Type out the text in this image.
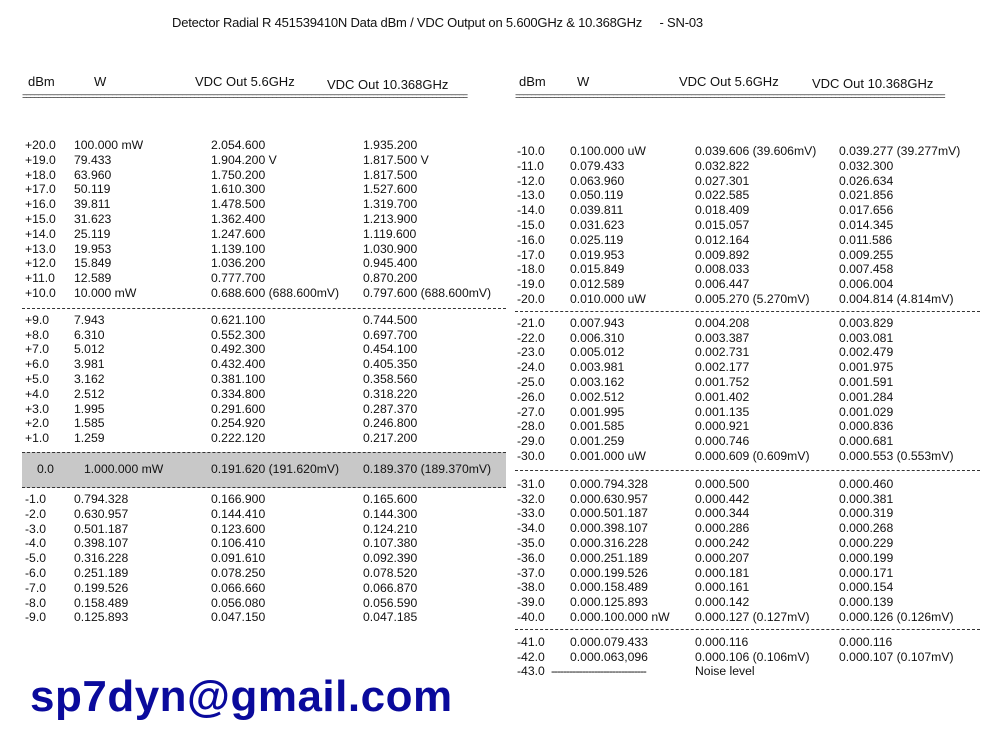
Detector Radial R 451539410N Data dBm / VDC Output on 5.600GHz & 10.368GHz - SN-03
dBm	W	VDC Out 5.6GHz VDC Out 10.368GHz
==================================================================================================================
+20.0 100.000 mW	2.054.600	1.935.200
+19.0 79.433	1.904.200 V	1.817.500 V
+18.0 63.960	1.750.200	1.817.500
+17.0 50.119	1.610.300	1.527.600
+16.0 39.811	1.478.500	1.319.700
+15.0 31.623	1.362.400	1.213.900
+14.0 25.119	1.247.600	1.119.600
+13.0 19.953	1.139.100	1.030.900
+12.0 15.849	1.036.200	0.945.400
+11.0 12.589	0.777.700	0.870.200
+10.0 10.000 mW	0.688.600 (688.600mV) 0.797.600 (688.600mV)
+9.0 7.943	0.621.100	0.744.500
+8.0 6.310	0.552.300	0.697.700
+7.0 5.012	0.492.300	0.454.100
+6.0 3.981	0.432.400	0.405.350
+5.0 3.162	0.381.100	0.358.560
+4.0 2.512	0.334.800	0.318.220
+3.0 1.995	0.291.600	0.287.370
+2.0 1.585	0.254.920	0.246.800
+1.0 1.259	0.222.120	0.217.200
0.0 1.000.000 mW	0.191.620 (191.620mV) 0.189.370 (189.370mV)
-1.0 0.794.328	0.166.900	0.165.600
-2.0 0.630.957	0.144.410	0.144.300
-3.0 0.501.187	0.123.600	0.124.210
-4.0 0.398.107	0.106.410	0.107.380
-5.0 0.316.228	0.091.610	0.092.390
-6.0 0.251.189	0.078.250	0.078.520
-7.0 0.199.526	0.066.660	0.066.870
-8.0 0.158.489	0.056.080	0.056.590
-9.0 0.125.893	0.047.150	0.047.185
dBm W	VDC Out 5.6GHz	VDC Out 10.368GHz
==============================================================================================================
-10.0 0.100.000 uW	0.039.606 (39.606mV) 0.039.277 (39.277mV)
-11.0 0.079.433	0.032.822	0.032.300
-12.0 0.063.960	0.027.301	0.026.634
-13.0 0.050.119	0.022.585	0.021.856
-14.0 0.039.811	0.018.409	0.017.656
-15.0 0.031.623	0.015.057	0.014.345
-16.0 0.025.119	0.012.164	0.011.586
-17.0 0.019.953	0.009.892	0.009.255
-18.0 0.015.849	0.008.033	0.007.458
-19.0 0.012.589	0.006.447	0.006.004
-20.0 0.010.000 uW	0.005.270 (5.270mV) 0.004.814 (4.814mV)
-21.0 0.007.943	0.004.208	0.003.829
-22.0 0.006.310	0.003.387	0.003.081
-23.0 0.005.012	0.002.731	0.002.479
-24.0 0.003.981	0.002.177	0.001.975
-25.0 0.003.162	0.001.752	0.001.591
-26.0 0.002.512	0.001.402	0.001.284
-27.0 0.001.995	0.001.135	0.001.029
-28.0 0.001.585	0.000.921	0.000.836
-29.0 0.001.259	0.000.746	0.000.681
-30.0 0.001.000 uW	0.000.609 (0.609mV) 0.000.553 (0.553mV)
-31.0 0.000.794.328	0.000.500	0.000.460
-32.0 0.000.630.957	0.000.442	0.000.381
-33.0 0.000.501.187	0.000.344	0.000.319
-34.0 0.000.398.107	0.000.286	0.000.268
-35.0 0.000.316.228	0.000.242	0.000.229
-36.0 0.000.251.189	0.000.207	0.000.199
-37.0 0.000.199.526	0.000.181	0.000.171
-38.0 0.000.158.489	0.000.161	0.000.154
-39.0 0.000.125.893	0.000.142	0.000.139
-40.0 0.000.100.000 nW 0.000.127 (0.127mV) 0.000.126 (0.126mV)
-41.0 0.000.079.433	0.000.116	0.000.116
-42.0 0.000.063,096	0.000.106 (0.106mV) 0.000.107 (0.107mV)
-43.0 -------------------------------	Noise level
sp7dyn@gmail.com
